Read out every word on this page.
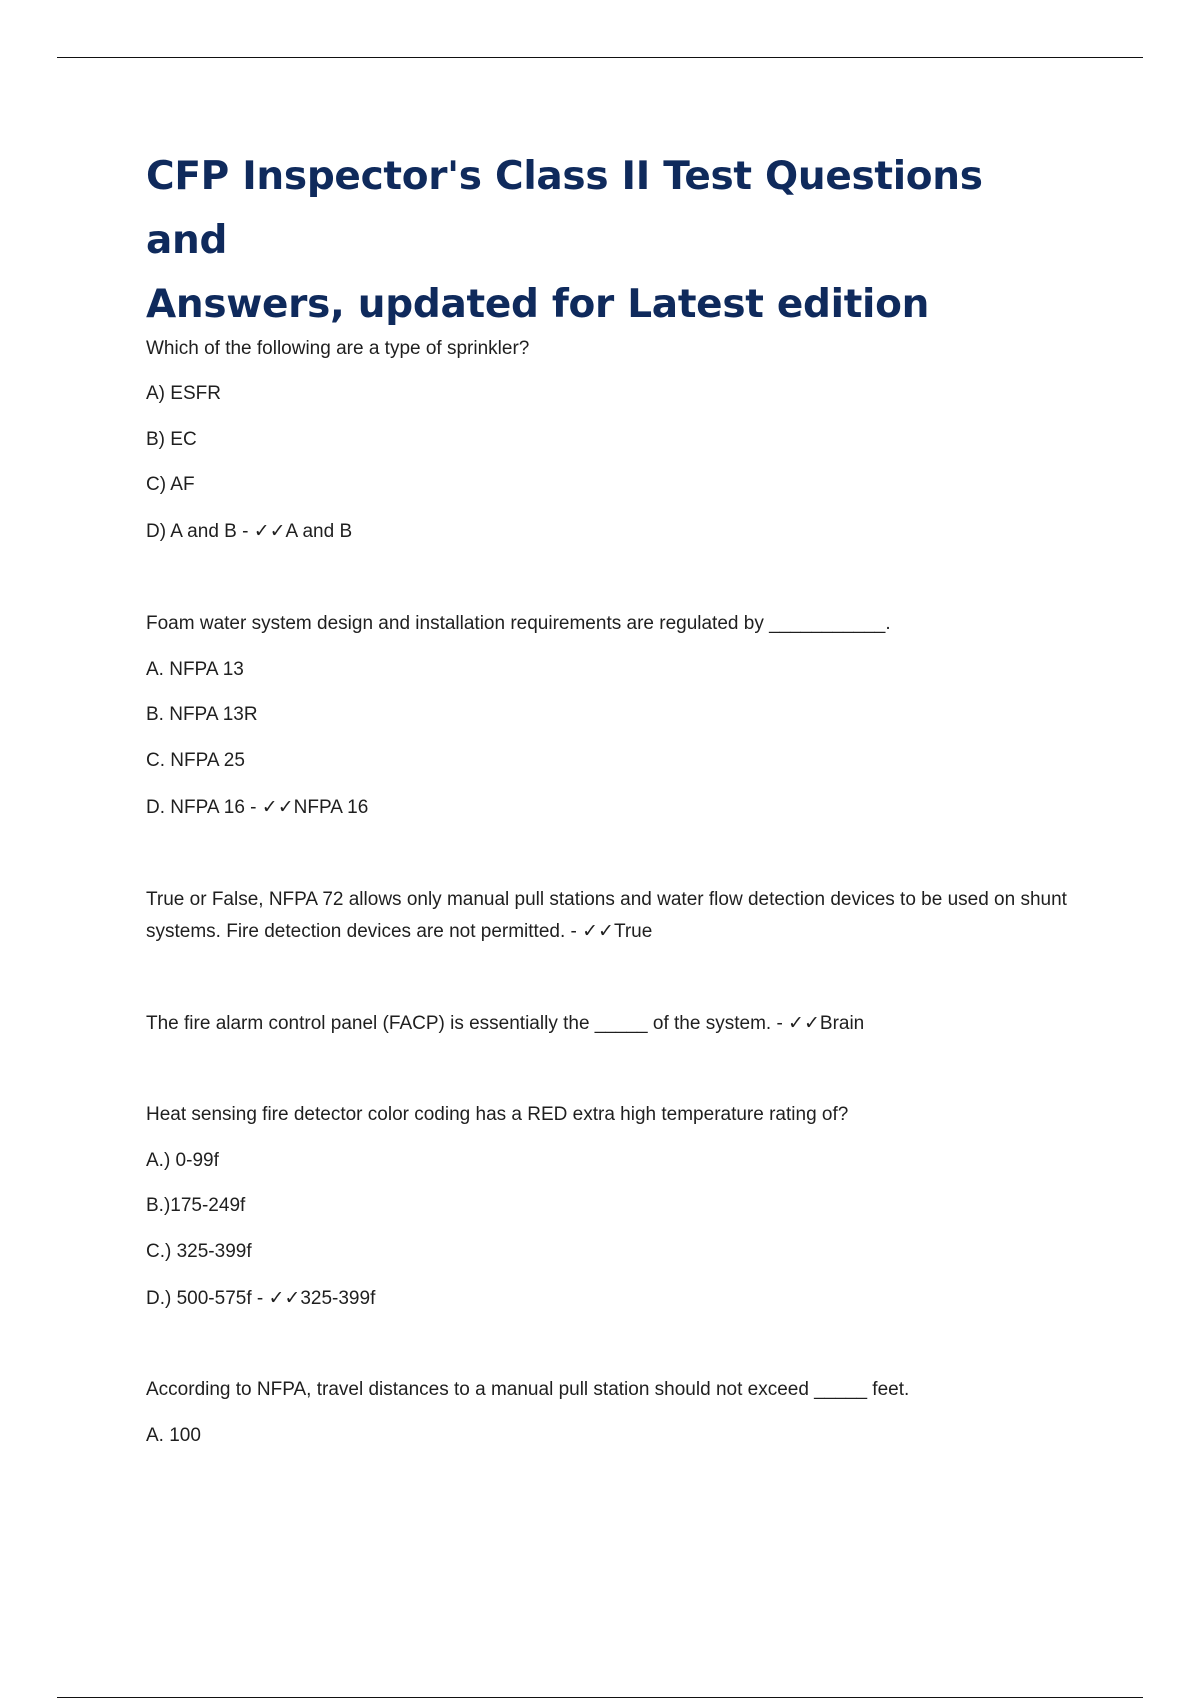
CFP Inspector's Class II Test Questions and
Answers, updated for Latest edition

Which of the following are a type of sprinkler?

A) ESFR

B) EC

C) AF

D) A and B - ✓✓A and B

Foam water system design and installation requirements are regulated by ___________.

A. NFPA 13

B. NFPA 13R

C. NFPA 25

D. NFPA 16 - ✓✓NFPA 16

True or False, NFPA 72 allows only manual pull stations and water flow detection devices to be used on shunt systems. Fire detection devices are not permitted. - ✓✓True

The fire alarm control panel (FACP) is essentially the _____ of the system. - ✓✓Brain

Heat sensing fire detector color coding has a RED extra high temperature rating of?

A.) 0-99f

B.)175-249f

C.) 325-399f

D.) 500-575f - ✓✓325-399f

According to NFPA, travel distances to a manual pull station should not exceed _____ feet.

A. 100
